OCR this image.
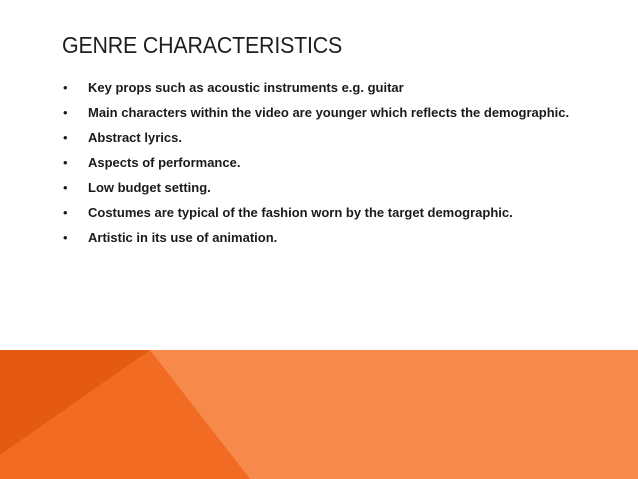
GENRE CHARACTERISTICS
• Key props such as acoustic instruments e.g. guitar
• Main characters within the video are younger which reflects the demographic.
• Abstract lyrics.
• Aspects of performance.
• Low budget setting.
• Costumes are typical of the fashion worn by the target demographic.
• Artistic in its use of animation.
